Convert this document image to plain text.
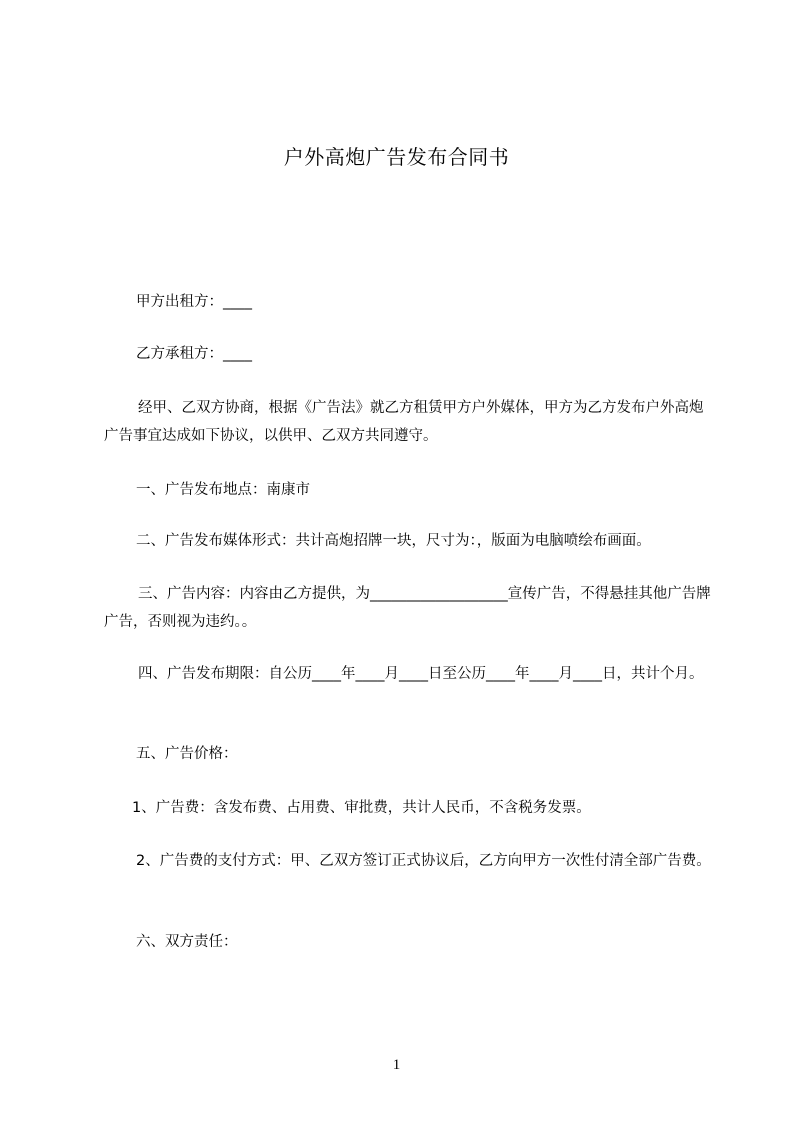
户外高炮广告发布合同书
甲方出租方：____
乙方承租方：____
经甲、乙双方协商，根据《广告法》就乙方租赁甲方户外媒体，甲方为乙方发布户外高炮广告事宜达成如下协议，以供甲、乙双方共同遵守。
一、广告发布地点：南康市
二、广告发布媒体形式：共计高炮招牌一块，尺寸为：，版面为电脑喷绘布画面。
三、广告内容：内容由乙方提供，为___________________宣传广告，不得悬挂其他广告牌广告，否则视为违约。。
四、广告发布期限：自公历____年____月____日至公历____年____月____日，共计个月。
五、广告价格：
1、广告费：含发布费、占用费、审批费，共计人民币，不含税务发票。
2、广告费的支付方式：甲、乙双方签订正式协议后，乙方向甲方一次性付清全部广告费。
六、双方责任：
1
